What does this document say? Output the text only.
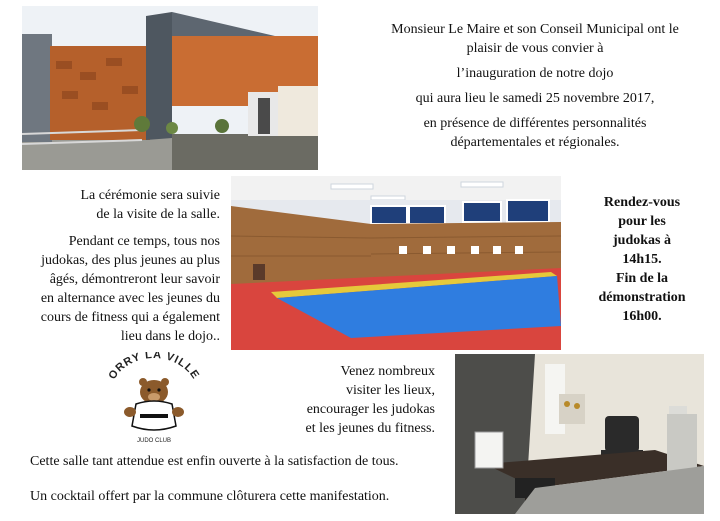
Monsieur Le Maire et son Conseil Municipal ont le

plaisir de vous convier à

l’inauguration de notre dojo

qui aura lieu le samedi 25 novembre 2017,

en présence de différentes personnalités

départementales et régionales.

La cérémonie sera suivie
de la visite de la salle.

Pendant ce temps, tous nos
judokas, des plus jeunes au plus
âgés, démontreront leur savoir
en alternance avec les jeunes du
cours de fitness qui a également
lieu dans le dojo..

Rendez-vous
pour les
judokas à
14h15.
Fin de la
démonstration
16h00.
ORRY LA VILLE
JUDO CLUB
Venez nombreux
visiter les lieux,
encourager les judokas
et les jeunes du fitness.
Cette salle tant attendue est enfin ouverte à la satisfaction de tous.
Un cocktail offert par la commune clôturera cette manifestation.
